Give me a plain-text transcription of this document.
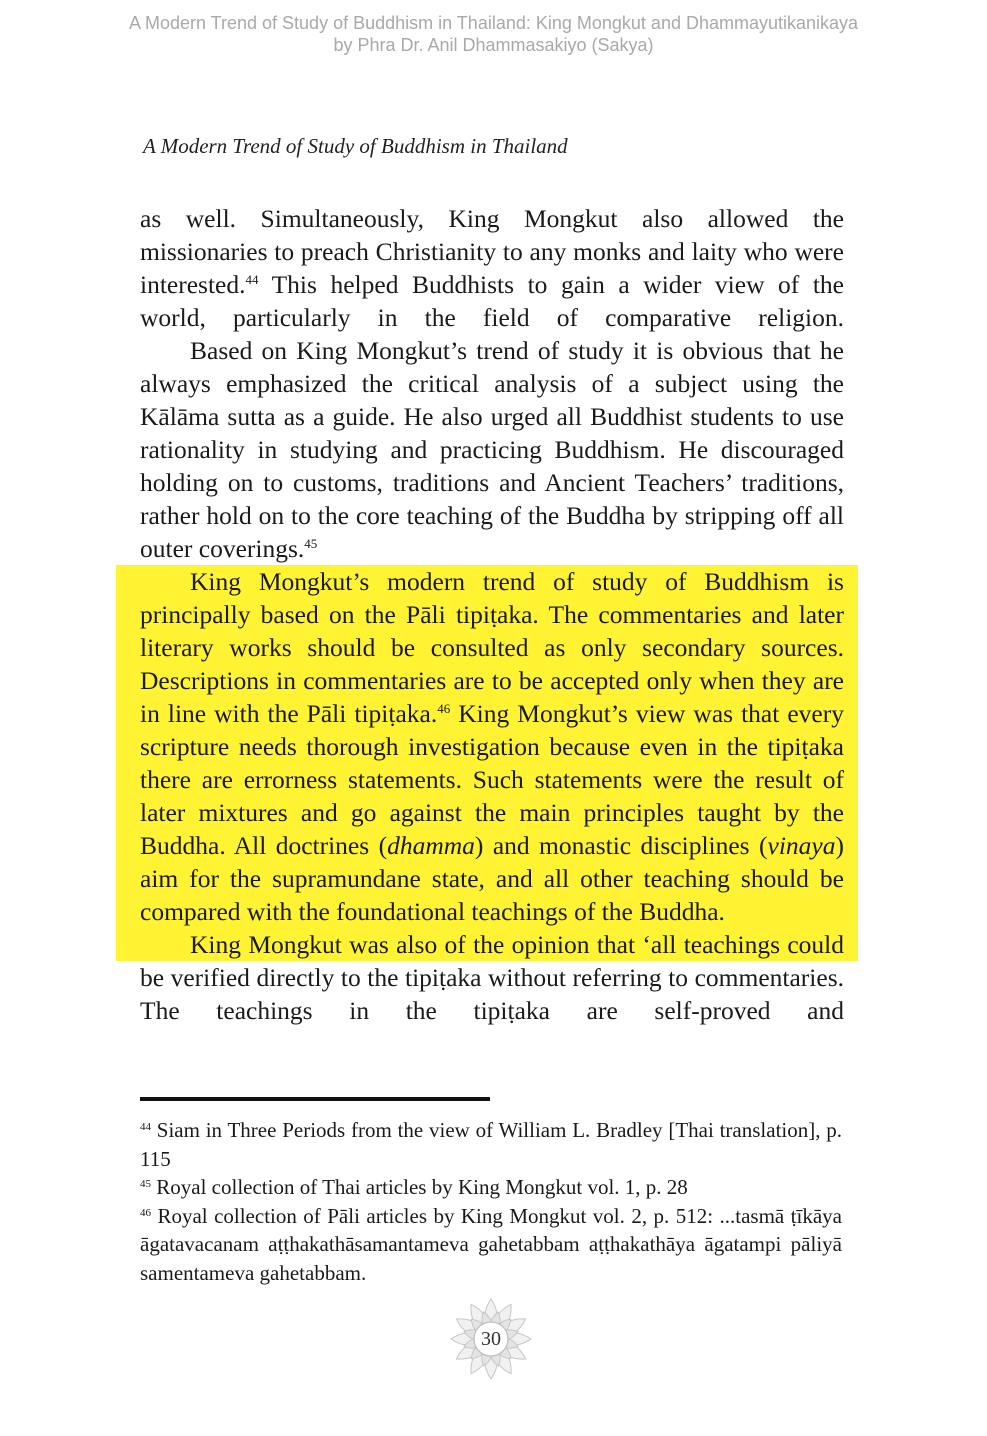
A Modern Trend of Study of Buddhism in Thailand: King Mongkut and Dhammayutikanikaya
by Phra Dr. Anil Dhammasakiyo (Sakya)
A Modern Trend of Study of Buddhism in Thailand

as well. Simultaneously, King Mongkut also allowed the missionaries to preach Christianity to any monks and laity who were interested.$^{44}$ This helped Buddhists to gain a wider view of the world, particularly in the field of comparative religion.

Based on King Mongkut’s trend of study it is obvious that he always emphasized the critical analysis of a subject using the Kālāma sutta as a guide. He also urged all Buddhist students to use rationality in studying and practicing Buddhism. He discouraged holding on to customs, traditions and Ancient Teachers’ traditions, rather hold on to the core teaching of the Buddha by stripping off all outer coverings.$^{45}$

King Mongkut’s modern trend of study of Buddhism is principally based on the Pāli tipiṭaka. The commentaries and later literary works should be consulted as only secondary sources. Descriptions in commentaries are to be accepted only when they are in line with the Pāli tipiṭaka.$^{46}$ King Mongkut’s view was that every scripture needs thorough investigation because even in the tipiṭaka there are errorness statements. Such statements were the result of later mixtures and go against the main principles taught by the Buddha. All doctrines (dhamma) and monastic disciplines (vinaya) aim for the supramundane state, and all other teaching should be compared with the foundational teachings of the Buddha.

King Mongkut was also of the opinion that ‘all teachings could be verified directly to the tipiṭaka without referring to commentaries. The teachings in the tipiṭaka are self-proved and

$^{44}$ Siam in Three Periods from the view of William L. Bradley [Thai translation], p. 115

$^{45}$ Royal collection of Thai articles by King Mongkut vol. 1, p. 28

$^{46}$ Royal collection of Pāli articles by King Mongkut vol. 2, p. 512: ...tasmā ṭīkāya āgatavacanam aṭṭhakathāsamantameva gahetabbam aṭṭhakathāya āgatampi pāliyā samentameva gahetabbam.

30
